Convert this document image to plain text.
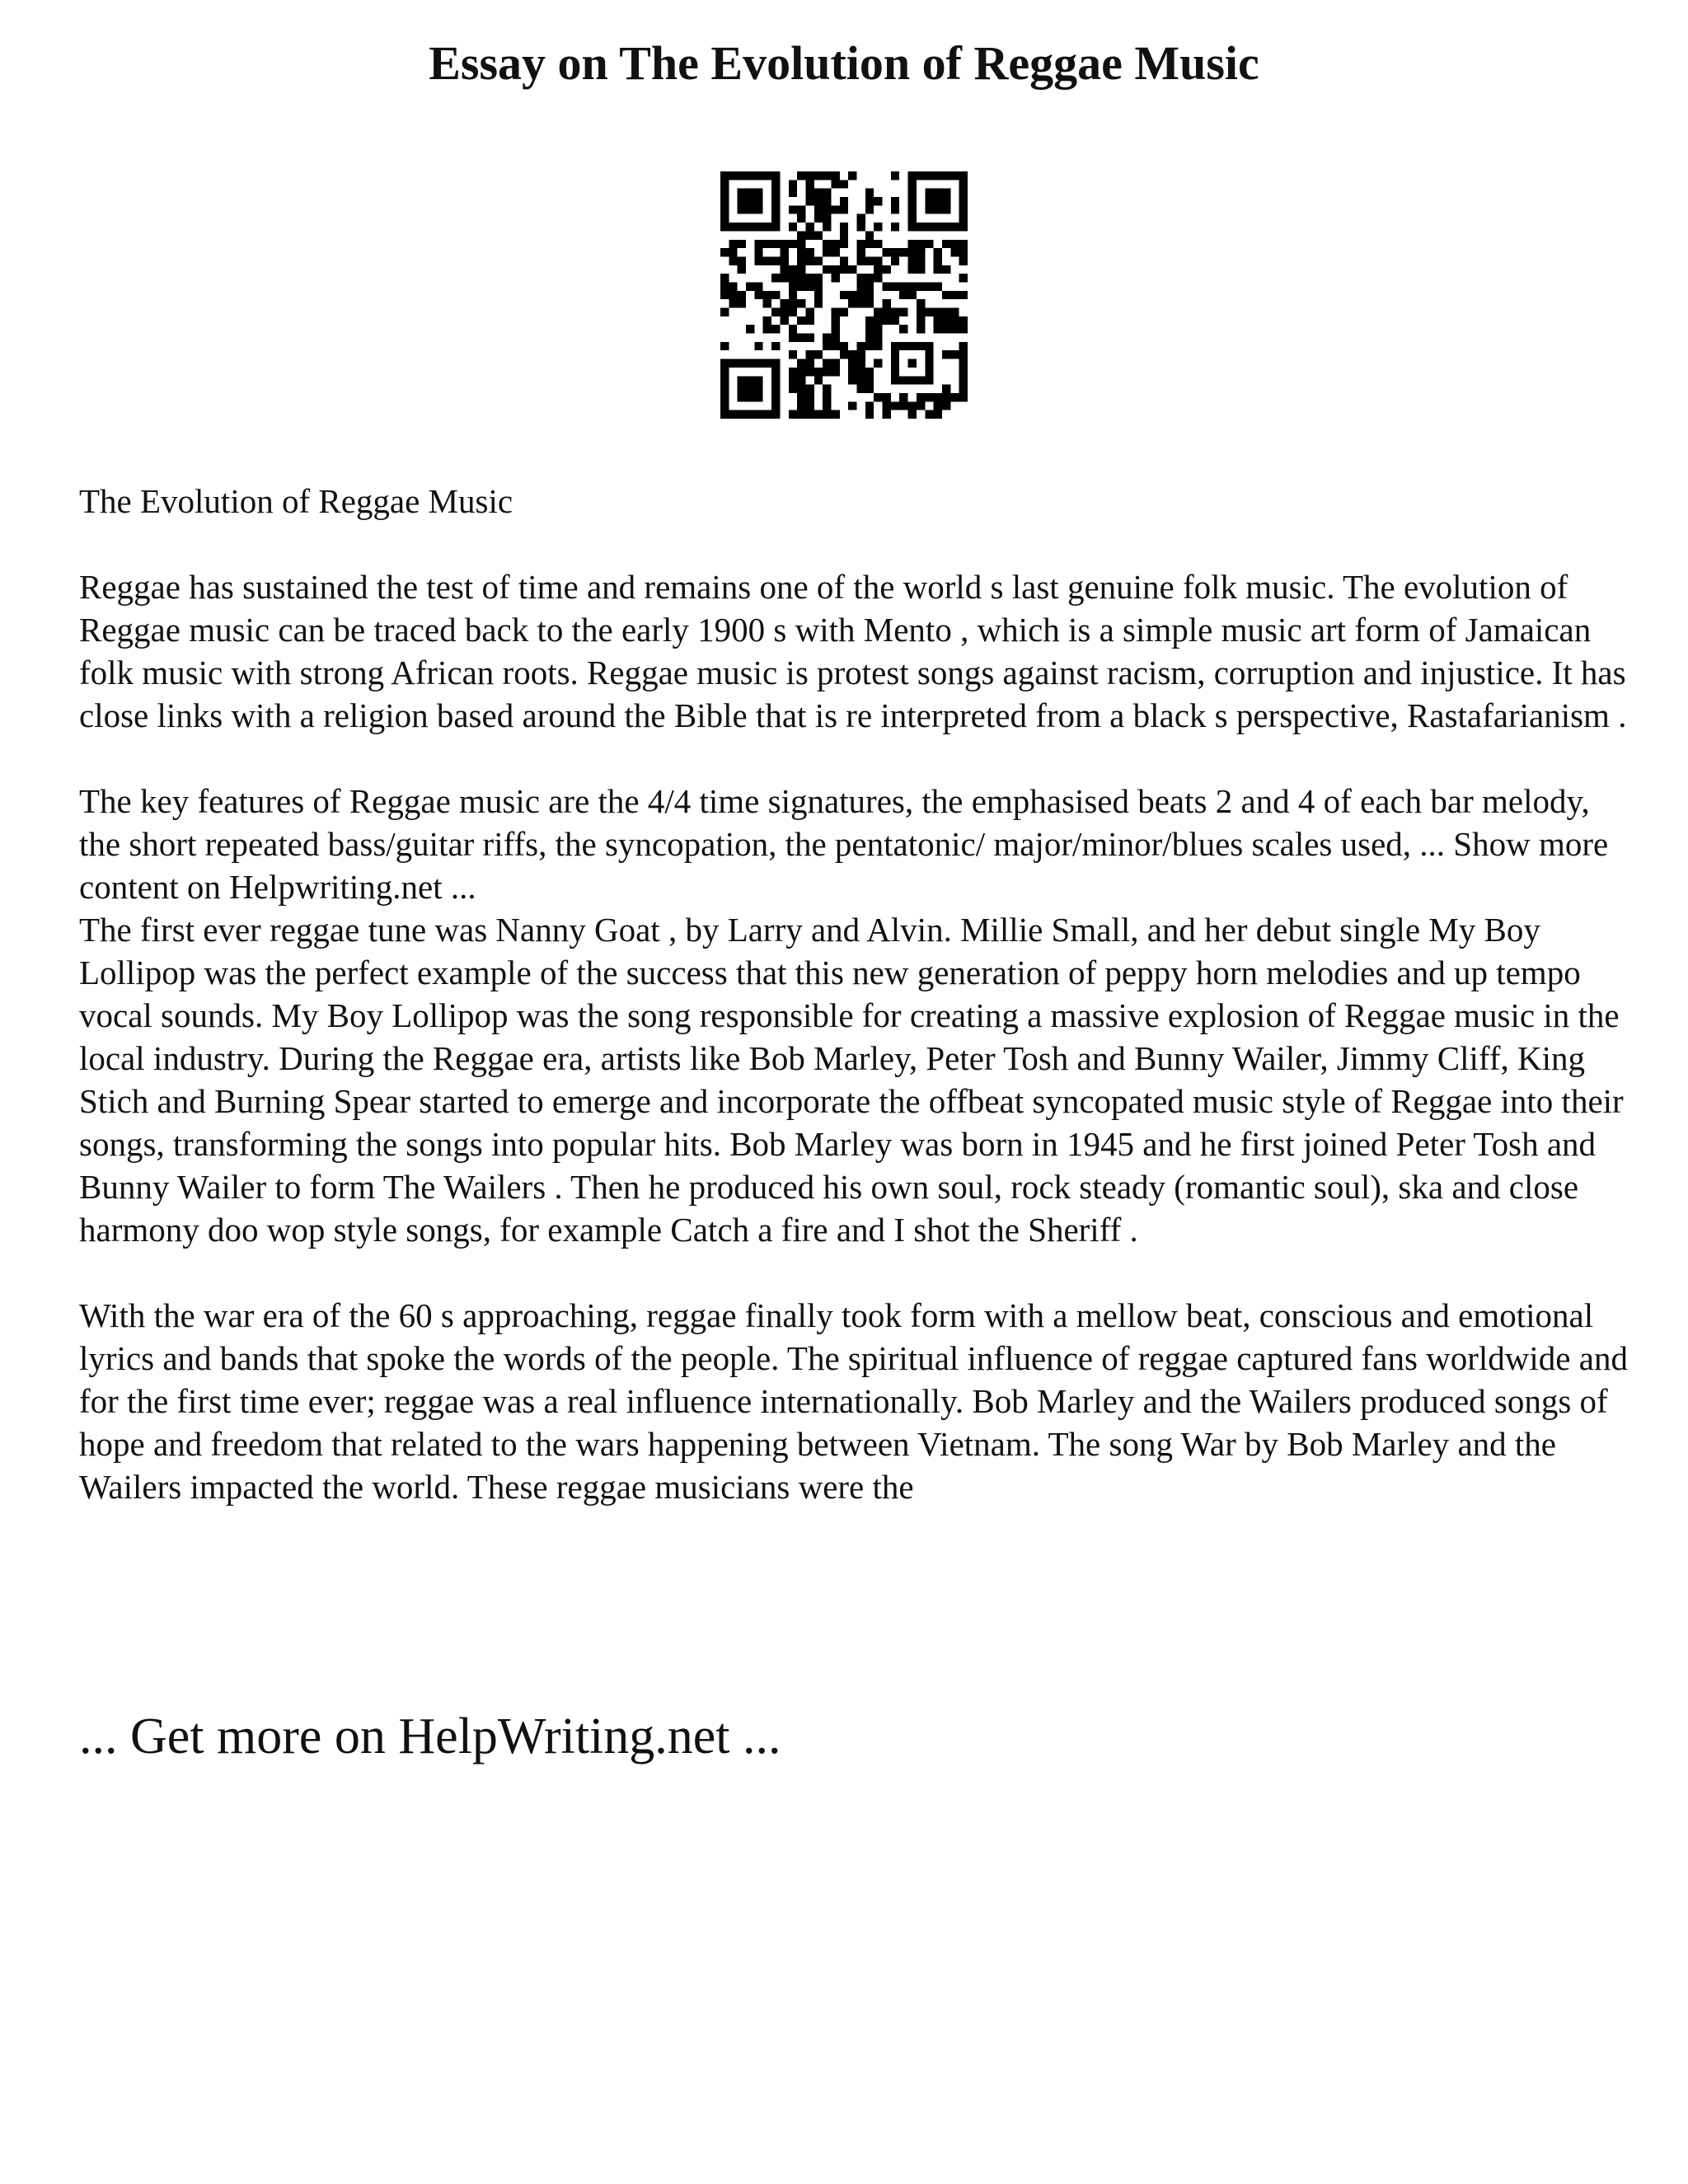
Essay on The Evolution of Reggae Music

The Evolution of Reggae Music

Reggae has sustained the test of time and remains one of the world s last genuine folk music. The evolution of Reggae music can be traced back to the early 1900 s with Mento , which is a simple music art form of Jamaican folk music with strong African roots. Reggae music is protest songs against racism, corruption and injustice. It has close links with a religion based around the Bible that is re interpreted from a black s perspective, Rastafarianism .

The key features of Reggae music are the 4/4 time signatures, the emphasised beats 2 and 4 of each bar melody, the short repeated bass/guitar riffs, the syncopation, the pentatonic/ major/minor/blues scales used, ... Show more content on Helpwriting.net ...

The first ever reggae tune was Nanny Goat , by Larry and Alvin. Millie Small, and her debut single My Boy Lollipop was the perfect example of the success that this new generation of peppy horn melodies and up tempo vocal sounds. My Boy Lollipop was the song responsible for creating a massive explosion of Reggae music in the local industry. During the Reggae era, artists like Bob Marley, Peter Tosh and Bunny Wailer, Jimmy Cliff, King Stich and Burning Spear started to emerge and incorporate the offbeat syncopated music style of Reggae into their songs, transforming the songs into popular hits. Bob Marley was born in 1945 and he first joined Peter Tosh and Bunny Wailer to form The Wailers . Then he produced his own soul, rock steady (romantic soul), ska and close harmony doo wop style songs, for example Catch a fire and I shot the Sheriff .

With the war era of the 60 s approaching, reggae finally took form with a mellow beat, conscious and emotional lyrics and bands that spoke the words of the people. The spiritual influence of reggae captured fans worldwide and for the first time ever; reggae was a real influence internationally. Bob Marley and the Wailers produced songs of hope and freedom that related to the wars happening between Vietnam. The song War by Bob Marley and the Wailers impacted the world. These reggae musicians were the

... Get more on HelpWriting.net ...
